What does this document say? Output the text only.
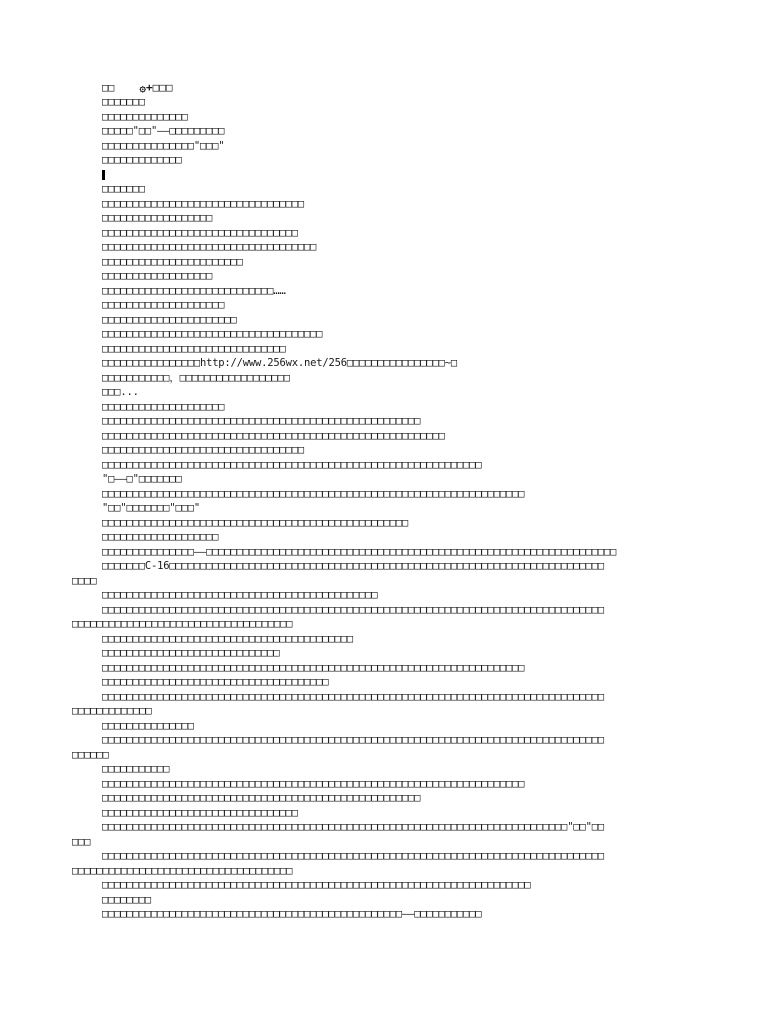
۞+□□□

□□
□□□□□□□
□□□□□□□□□□□□□□
□□□□□"□□"——□□□□□□□□□
□□□□□□□□□□□□□□□"□□□"
□□□□□□□□□□□□□
□□□□□□□
□□□□□□□□□□□□□□□□□□□□□□□□□□□□□□□□□
□□□□□□□□□□□□□□□□□□
□□□□□□□□□□□□□□□□□□□□□□□□□□□□□□□□
□□□□□□□□□□□□□□□□□□□□□□□□□□□□□□□□□□□
□□□□□□□□□□□□□□□□□□□□□□□
□□□□□□□□□□□□□□□□□□
□□□□□□□□□□□□□□□□□□□□□□□□□□□□……
□□□□□□□□□□□□□□□□□□□□
□□□□□□□□□□□□□□□□□□□□□□
□□□□□□□□□□□□□□□□□□□□□□□□□□□□□□□□□□□□
□□□□□□□□□□□□□□□□□□□□□□□□□□□□□□
□□□□□□□□□□□□□□□□http://www.256wx.net/256□□□□□□□□□□□□□□□□~□
□□□□□□□□□□□，□□□□□□□□□□□□□□□□□□
□□□...
□□□□□□□□□□□□□□□□□□□□
□□□□□□□□□□□□□□□□□□□□□□□□□□□□□□□□□□□□□□□□□□□□□□□□□□□□
□□□□□□□□□□□□□□□□□□□□□□□□□□□□□□□□□□□□□□□□□□□□□□□□□□□□□□□□
□□□□□□□□□□□□□□□□□□□□□□□□□□□□□□□□□
□□□□□□□□□□□□□□□□□□□□□□□□□□□□□□□□□□□□□□□□□□□□□□□□□□□□□□□□□□□□□□
"□——□"□□□□□□□
□□□□□□□□□□□□□□□□□□□□□□□□□□□□□□□□□□□□□□□□□□□□□□□□□□□□□□□□□□□□□□□□□□□□□
"□□"□□□□□□□"□□□"
□□□□□□□□□□□□□□□□□□□□□□□□□□□□□□□□□□□□□□□□□□□□□□□□□□
□□□□□□□□□□□□□□□□□□□
□□□□□□□□□□□□□□□——□□□□□□□□□□□□□□□□□□□□□□□□□□□□□□□□□□□□□□□□□□□□□□□□□□□□□□□□□□□□□□□□□□□
□□□□□□□C-16□□□□□□□□□□□□□□□□□□□□□□□□□□□□□□□□□□□□□□□□□□□□□□□□□□□□□□□□□□□□□□□□□□□□□□□
□□□□
□□□□□□□□□□□□□□□□□□□□□□□□□□□□□□□□□□□□□□□□□□□□□
□□□□□□□□□□□□□□□□□□□□□□□□□□□□□□□□□□□□□□□□□□□□□□□□□□□□□□□□□□□□□□□□□□□□□□□□□□□□□□□□□□
□□□□□□□□□□□□□□□□□□□□□□□□□□□□□□□□□□□□
□□□□□□□□□□□□□□□□□□□□□□□□□□□□□□□□□□□□□□□□□
□□□□□□□□□□□□□□□□□□□□□□□□□□□□□
□□□□□□□□□□□□□□□□□□□□□□□□□□□□□□□□□□□□□□□□□□□□□□□□□□□□□□□□□□□□□□□□□□□□□
□□□□□□□□□□□□□□□□□□□□□□□□□□□□□□□□□□□□□
□□□□□□□□□□□□□□□□□□□□□□□□□□□□□□□□□□□□□□□□□□□□□□□□□□□□□□□□□□□□□□□□□□□□□□□□□□□□□□□□□□
□□□□□□□□□□□□□
□□□□□□□□□□□□□□□
□□□□□□□□□□□□□□□□□□□□□□□□□□□□□□□□□□□□□□□□□□□□□□□□□□□□□□□□□□□□□□□□□□□□□□□□□□□□□□□□□□
□□□□□□
□□□□□□□□□□□
□□□□□□□□□□□□□□□□□□□□□□□□□□□□□□□□□□□□□□□□□□□□□□□□□□□□□□□□□□□□□□□□□□□□□
□□□□□□□□□□□□□□□□□□□□□□□□□□□□□□□□□□□□□□□□□□□□□□□□□□□□
□□□□□□□□□□□□□□□□□□□□□□□□□□□□□□□□
□□□□□□□□□□□□□□□□□□□□□□□□□□□□□□□□□□□□□□□□□□□□□□□□□□□□□□□□□□□□□□□□□□□□□□□□□□□□"□□"□□
□□□
□□□□□□□□□□□□□□□□□□□□□□□□□□□□□□□□□□□□□□□□□□□□□□□□□□□□□□□□□□□□□□□□□□□□□□□□□□□□□□□□□□
□□□□□□□□□□□□□□□□□□□□□□□□□□□□□□□□□□□□
□□□□□□□□□□□□□□□□□□□□□□□□□□□□□□□□□□□□□□□□□□□□□□□□□□□□□□□□□□□□□□□□□□□□□□
□□□□□□□□
□□□□□□□□□□□□□□□□□□□□□□□□□□□□□□□□□□□□□□□□□□□□□□□□□——□□□□□□□□□□□
